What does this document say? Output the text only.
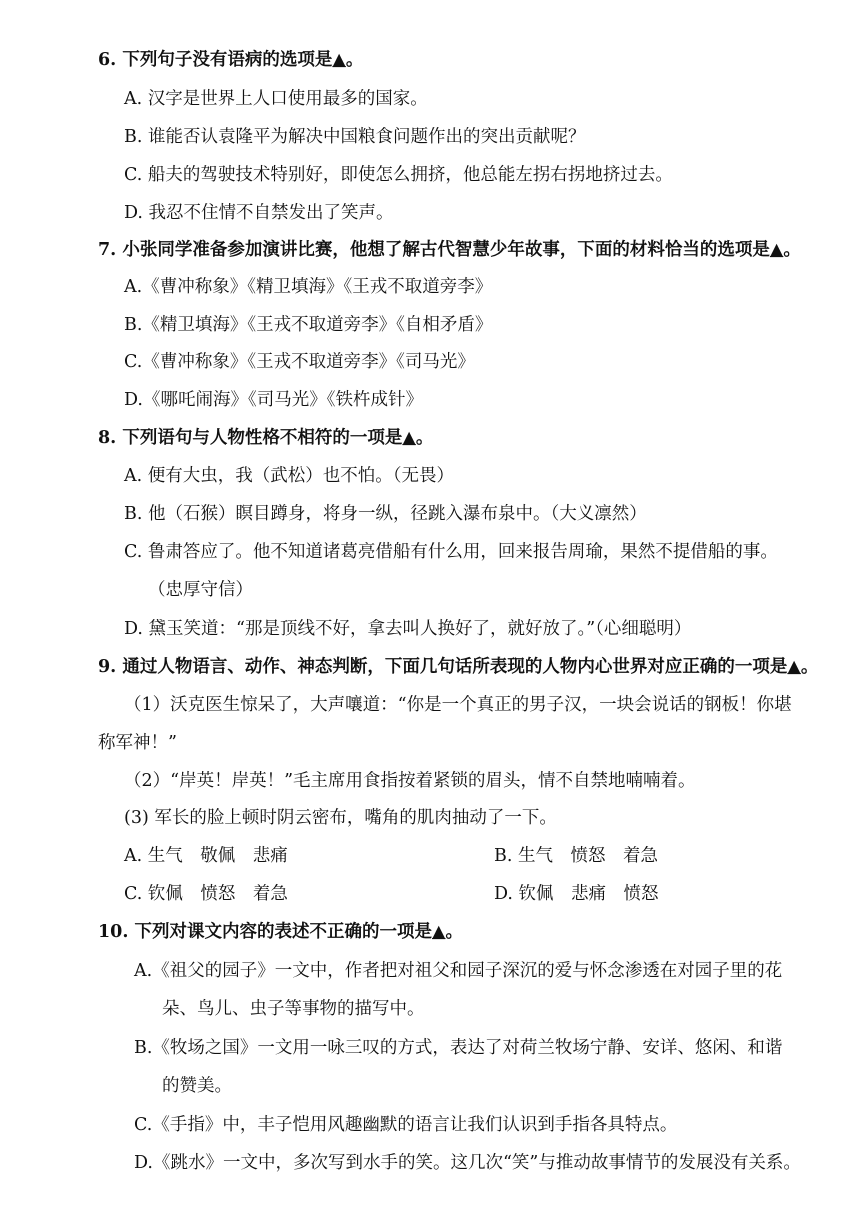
6. 下列句子没有语病的选项是▲。
A. 汉字是世界上人口使用最多的国家。
B. 谁能否认袁隆平为解决中国粮食问题作出的突出贡献呢？
C. 船夫的驾驶技术特别好，即使怎么拥挤，他总能左拐右拐地挤过去。
D. 我忍不住情不自禁发出了笑声。
7. 小张同学准备参加演讲比赛，他想了解古代智慧少年故事，下面的材料恰当的选项是▲。
A.《曹冲称象》《精卫填海》《王戎不取道旁李》
B.《精卫填海》《王戎不取道旁李》《自相矛盾》
C.《曹冲称象》《王戎不取道旁李》《司马光》
D.《哪吒闹海》《司马光》《铁杵成针》
8. 下列语句与人物性格不相符的一项是▲。
A. 便有大虫，我（武松）也不怕。（无畏）
B. 他（石猴）瞑目蹲身，将身一纵，径跳入瀑布泉中。（大义凛然）
C. 鲁肃答应了。他不知道诸葛亮借船有什么用，回来报告周瑜，果然不提借船的事。
（忠厚守信）
D. 黛玉笑道：“那是顶线不好，拿去叫人换好了，就好放了。”（心细聪明）
9. 通过人物语言、动作、神态判断，下面几句话所表现的人物内心世界对应正确的一项是▲。
（1）沃克医生惊呆了，大声嚷道：“你是一个真正的男子汉，一块会说话的钢板！你堪
称军神！”
（2）“岸英！岸英！”毛主席用食指按着紧锁的眉头，情不自禁地喃喃着。
(3) 军长的脸上顿时阴云密布，嘴角的肌肉抽动了一下。
A. 生气　敬佩　悲痛	B. 生气　愤怒　着急
C. 钦佩　愤怒　着急	D. 钦佩　悲痛　愤怒
10. 下列对课文内容的表述不正确的一项是▲。
A.《祖父的园子》一文中，作者把对祖父和园子深沉的爱与怀念渗透在对园子里的花
朵、鸟儿、虫子等事物的描写中。
B.《牧场之国》一文用一咏三叹的方式，表达了对荷兰牧场宁静、安详、悠闲、和谐
的赞美。
C.《手指》中，丰子恺用风趣幽默的语言让我们认识到手指各具特点。
D.《跳水》一文中，多次写到水手的笑。这几次“笑”与推动故事情节的发展没有关系。
